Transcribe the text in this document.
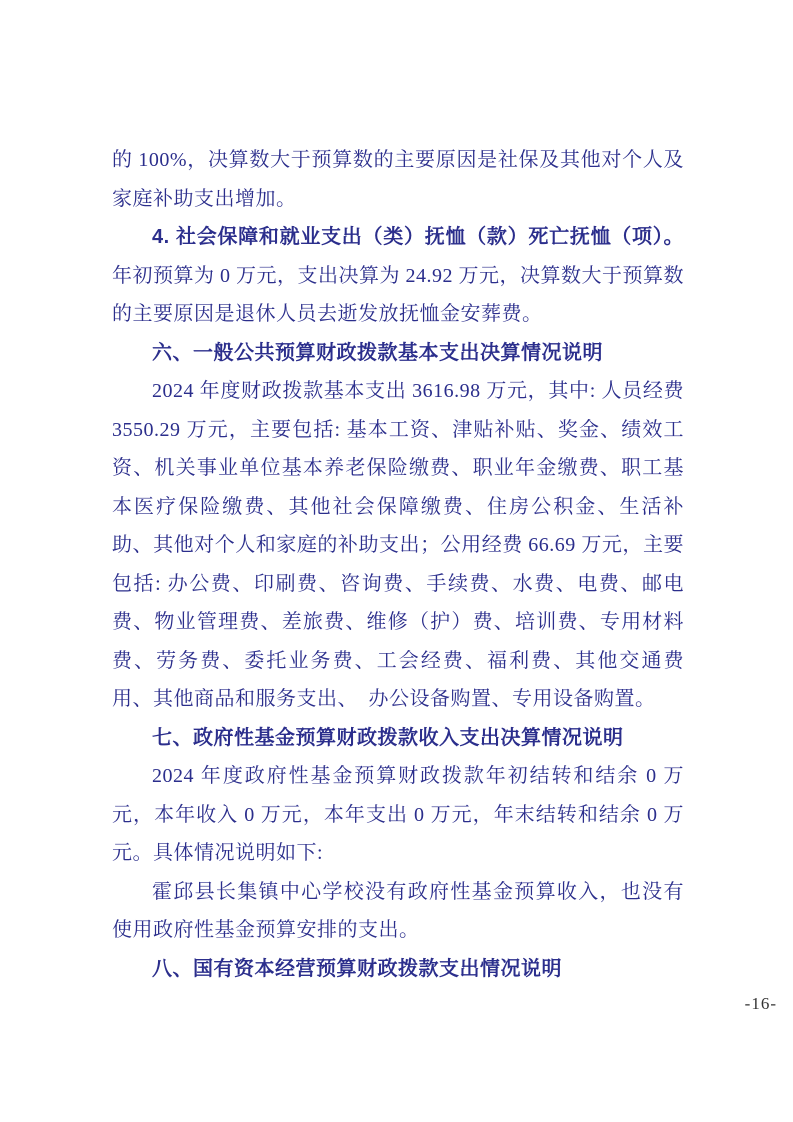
的 100%，决算数大于预算数的主要原因是社保及其他对个人及家庭补助支出增加。

4. 社会保障和就业支出（类）抚恤（款）死亡抚恤（项）。年初预算为 0 万元，支出决算为 24.92 万元，决算数大于预算数的主要原因是退休人员去逝发放抚恤金安葬费。

六、一般公共预算财政拨款基本支出决算情况说明

2024 年度财政拨款基本支出 3616.98 万元，其中: 人员经费 3550.29 万元，主要包括: 基本工资、津贴补贴、奖金、绩效工资、机关事业单位基本养老保险缴费、职业年金缴费、职工基本医疗保险缴费、其他社会保障缴费、住房公积金、生活补助、其他对个人和家庭的补助支出；公用经费 66.69 万元，主要包括: 办公费、印刷费、咨询费、手续费、水费、电费、邮电费、物业管理费、差旅费、维修（护）费、培训费、专用材料费、劳务费、委托业务费、工会经费、福利费、其他交通费用、其他商品和服务支出、　办公设备购置、专用设备购置。

七、政府性基金预算财政拨款收入支出决算情况说明

2024 年度政府性基金预算财政拨款年初结转和结余 0 万元，本年收入 0 万元，本年支出 0 万元，年末结转和结余 0 万元。具体情况说明如下:

霍邱县长集镇中心学校没有政府性基金预算收入，也没有使用政府性基金预算安排的支出。

八、国有资本经营预算财政拨款支出情况说明

-16-
